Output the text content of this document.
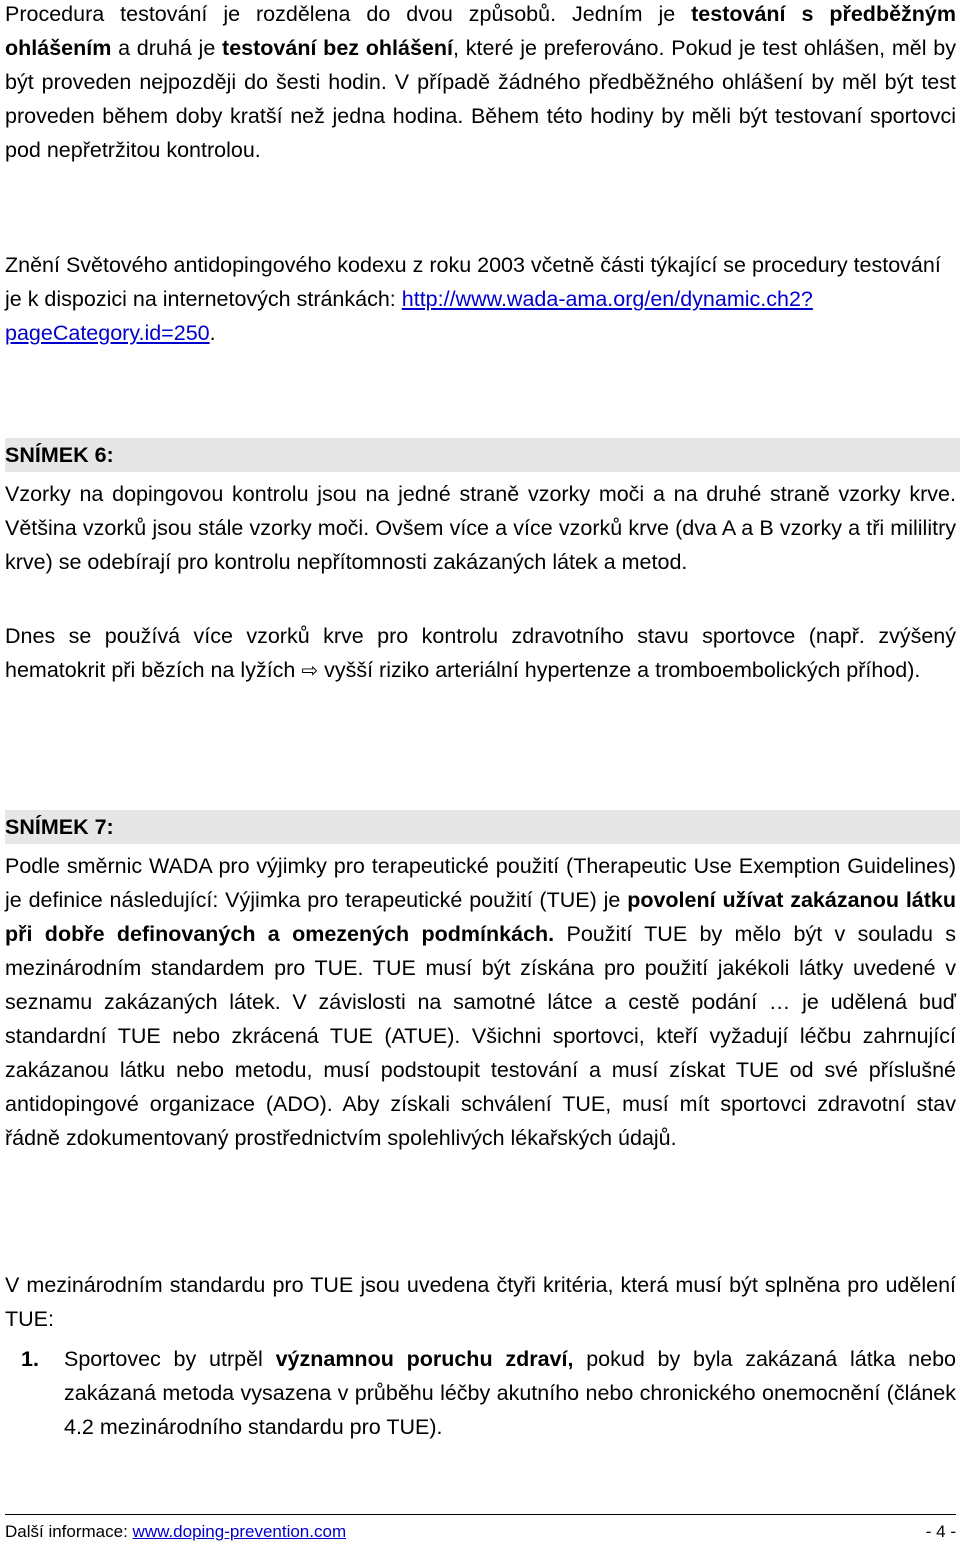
Procedura testování je rozdělena do dvou způsobů. Jedním je testování s předběžným ohlášením a druhá je testování bez ohlášení, které je preferováno. Pokud je test ohlášen, měl by být proveden nejpozději do šesti hodin. V případě žádného předběžného ohlášení by měl být test proveden během doby kratší než jedna hodina. Během této hodiny by měli být testovaní sportovci pod nepřetržitou kontrolou.

Znění Světového antidopingového kodexu z roku 2003 včetně části týkající se procedury testování je k dispozici na internetových stránkách: http://www.wada-ama.org/en/dynamic.ch2?pageCategory.id=250.

SNÍMEK 6:

Vzorky na dopingovou kontrolu jsou na jedné straně vzorky moči a na druhé straně vzorky krve. Většina vzorků jsou stále vzorky moči. Ovšem více a více vzorků krve (dva A a B vzorky a tři mililitry krve) se odebírají pro kontrolu nepřítomnosti zakázaných látek a metod.

Dnes se používá více vzorků krve pro kontrolu zdravotního stavu sportovce (např. zvýšený hematokrit při bězích na lyžích ⇨ vyšší riziko arteriální hypertenze a tromboembolických příhod).

SNÍMEK 7:

Podle směrnic WADA pro výjimky pro terapeutické použití (Therapeutic Use Exemption Guidelines) je definice následující: Výjimka pro terapeutické použití (TUE) je povolení užívat zakázanou látku při dobře definovaných a omezených podmínkách. Použití TUE by mělo být v souladu s mezinárodním standardem pro TUE. TUE musí být získána pro použití jakékoli látky uvedené v seznamu zakázaných látek. V závislosti na samotné látce a cestě podání … je udělená buď standardní TUE nebo zkrácená TUE (ATUE). Všichni sportovci, kteří vyžadují léčbu zahrnující zakázanou látku nebo metodu, musí podstoupit testování a musí získat TUE od své příslušné antidopingové organizace (ADO). Aby získali schválení TUE, musí mít sportovci zdravotní stav řádně zdokumentovaný prostřednictvím spolehlivých lékařských údajů.

V mezinárodním standardu pro TUE jsou uvedena čtyři kritéria, která musí být splněna pro udělení TUE:

1. Sportovec by utrpěl významnou poruchu zdraví, pokud by byla zakázaná látka nebo zakázaná metoda vysazena v průběhu léčby akutního nebo chronického onemocnění (článek 4.2 mezinárodního standardu pro TUE).

Další informace: www.doping-prevention.com	- 4 -
